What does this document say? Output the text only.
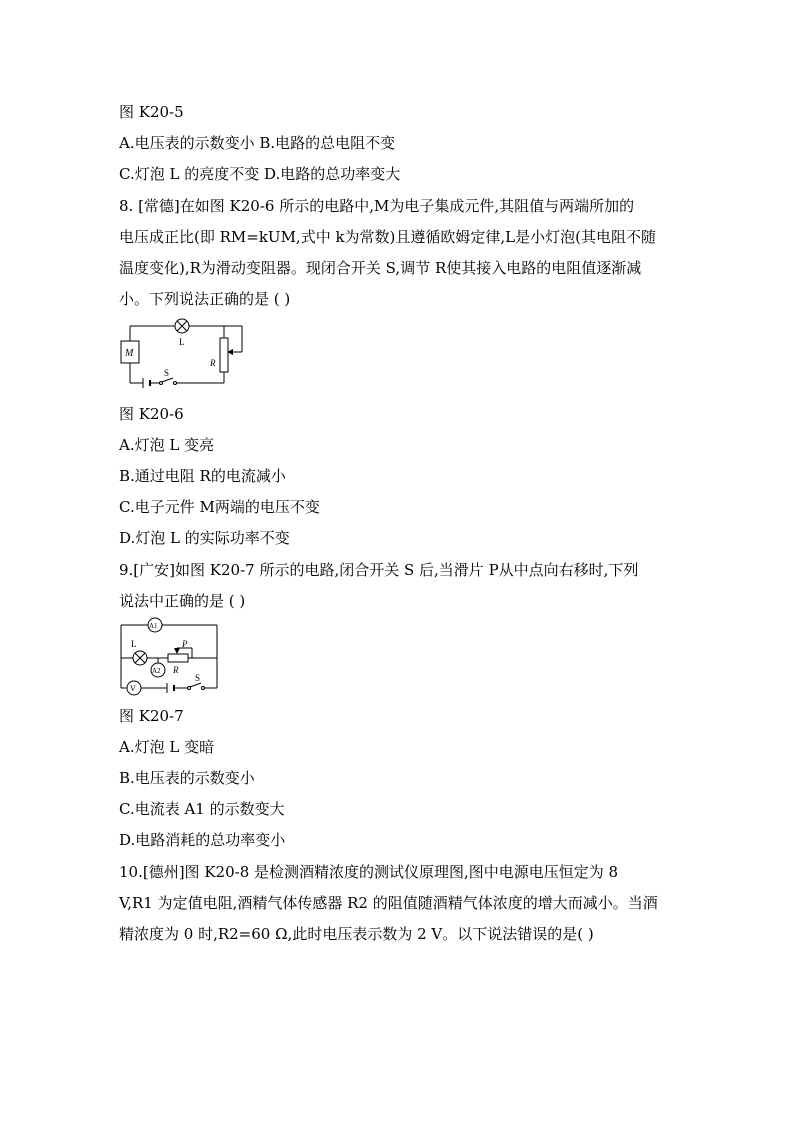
图 K20-5
A.电压表的示数变小 B.电路的总电阻不变
C.灯泡 L 的亮度不变 D.电路的总功率变大
8. [常德]在如图 K20-6 所示的电路中,M为电子集成元件,其阻值与两端所加的
电压成正比(即 RM=kUM,式中 k为常数)且遵循欧姆定律,L是小灯泡(其电阻不随
温度变化),R为滑动变阻器。现闭合开关 S,调节 R使其接入电路的电阻值逐渐减
小。下列说法正确的是 ( )
L
M
R
S
图 K20-6
A.灯泡 L 变亮
B.通过电阻 R的电流减小
C.电子元件 M两端的电压不变
D.灯泡 L 的实际功率不变
9.[广安]如图 K20-7 所示的电路,闭合开关 S 后,当滑片 P从中点向右移时,下列
说法中正确的是 ( )
A1
L	P
R
A2
V
S
图 K20-7
A.灯泡 L 变暗
B.电压表的示数变小
C.电流表 A1 的示数变大
D.电路消耗的总功率变小
10.[德州]图 K20-8 是检测酒精浓度的测试仪原理图,图中电源电压恒定为 8
V,R1 为定值电阻,酒精气体传感器 R2 的阻值随酒精气体浓度的增大而减小。当酒
精浓度为 0 时,R2=60 Ω,此时电压表示数为 2 V。以下说法错误的是( )
